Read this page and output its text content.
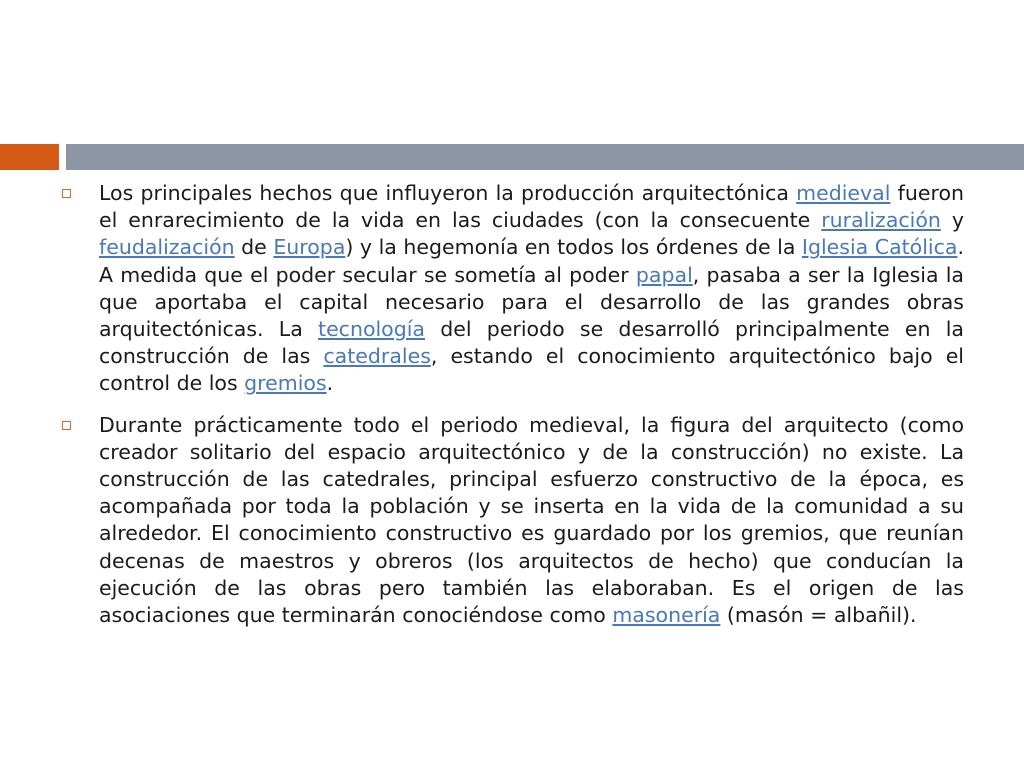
Los principales hechos que influyeron la producción arquitectónica medieval fueron el enrarecimiento de la vida en las ciudades (con la consecuente ruralización y feudalización de Europa) y la hegemonía en todos los órdenes de la Iglesia Católica. A medida que el poder secular se sometía al poder papal, pasaba a ser la Iglesia la que aportaba el capital necesario para el desarrollo de las grandes obras arquitectónicas. La tecnología del periodo se desarrolló principalmente en la construcción de las catedrales, estando el conocimiento arquitectónico bajo el control de los gremios.

Durante prácticamente todo el periodo medieval, la figura del arquitecto (como creador solitario del espacio arquitectónico y de la construcción) no existe. La construcción de las catedrales, principal esfuerzo constructivo de la época, es acompañada por toda la población y se inserta en la vida de la comunidad a su alrededor. El conocimiento constructivo es guardado por los gremios, que reunían decenas de maestros y obreros (los arquitectos de hecho) que conducían la ejecución de las obras pero también las elaboraban. Es el origen de las asociaciones que terminarán conociéndose como masonería (masón = albañil).
